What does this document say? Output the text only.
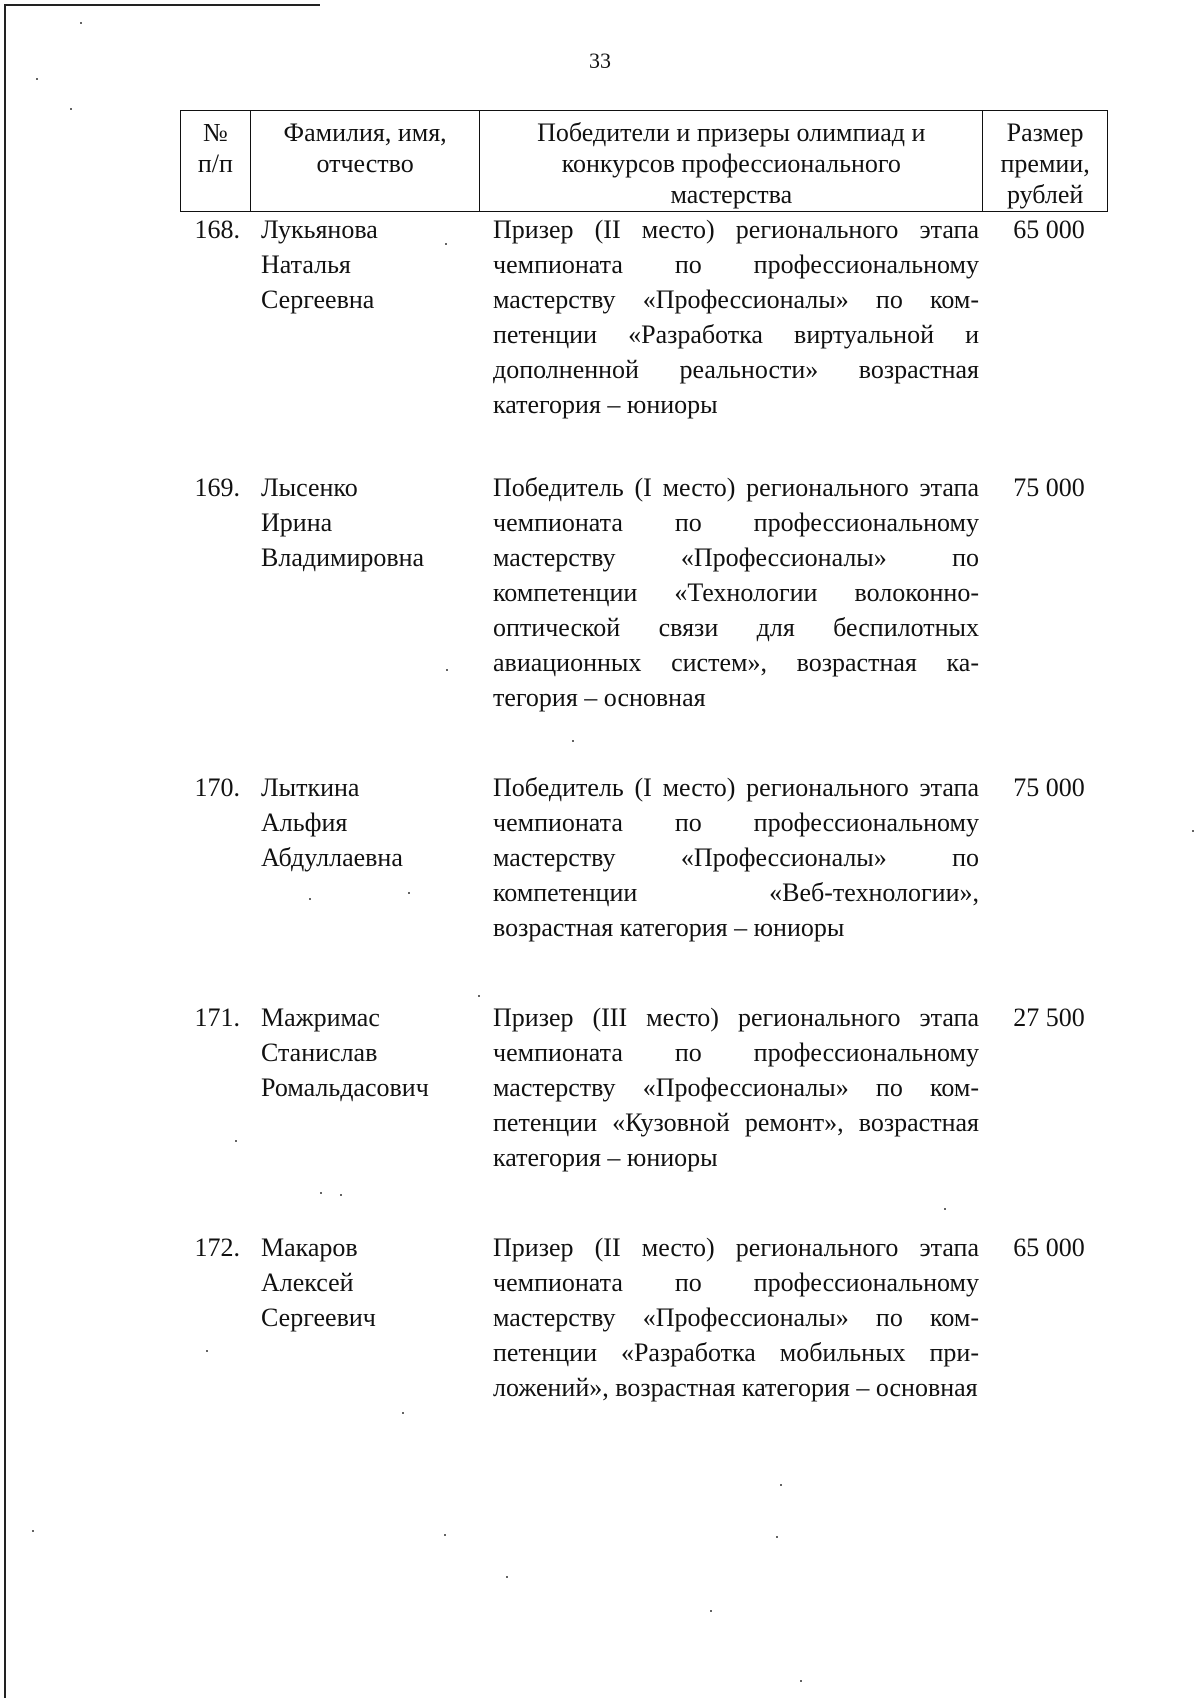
33
№
п/п
Фамилия, имя,
отчество
Победители и призеры олимпиад и
конкурсов профессионального
мастерства
Размер
премии,
рублей
168. Лукьянова
Наталья
Сергеевна
Призер (II место) регионального этапа чемпионата по профессиональному мастерству «Профессионалы» по компетенции «Разработка виртуальной и дополненной реальности» возрастная категория – юниоры
65 000
169. Лысенко
Ирина
Владимировна
Победитель (I место) регионального этапа чемпионата по профессиональному мастерству «Профессионалы» по компетенции «Технологии волоконно-оптической связи для беспилотных авиационных систем», возрастная категория – основная
75 000
170. Лыткина
Альфия
Абдуллаевна
Победитель (I место) регионального этапа чемпионата по профессиональному мастерству «Профессионалы» по компетенции «Веб-технологии», возрастная категория – юниоры
75 000
171. Мажримас
Станислав
Ромальдасович
Призер (III место) регионального этапа чемпионата по профессиональному мастерству «Профессионалы» по компетенции «Кузовной ремонт», возрастная категория – юниоры
27 500
172. Макаров
Алексей
Сергеевич
Призер (II место) регионального этапа чемпионата по профессиональному мастерству «Профессионалы» по компетенции «Разработка мобильных приложений», возрастная категория – основная
65 000
